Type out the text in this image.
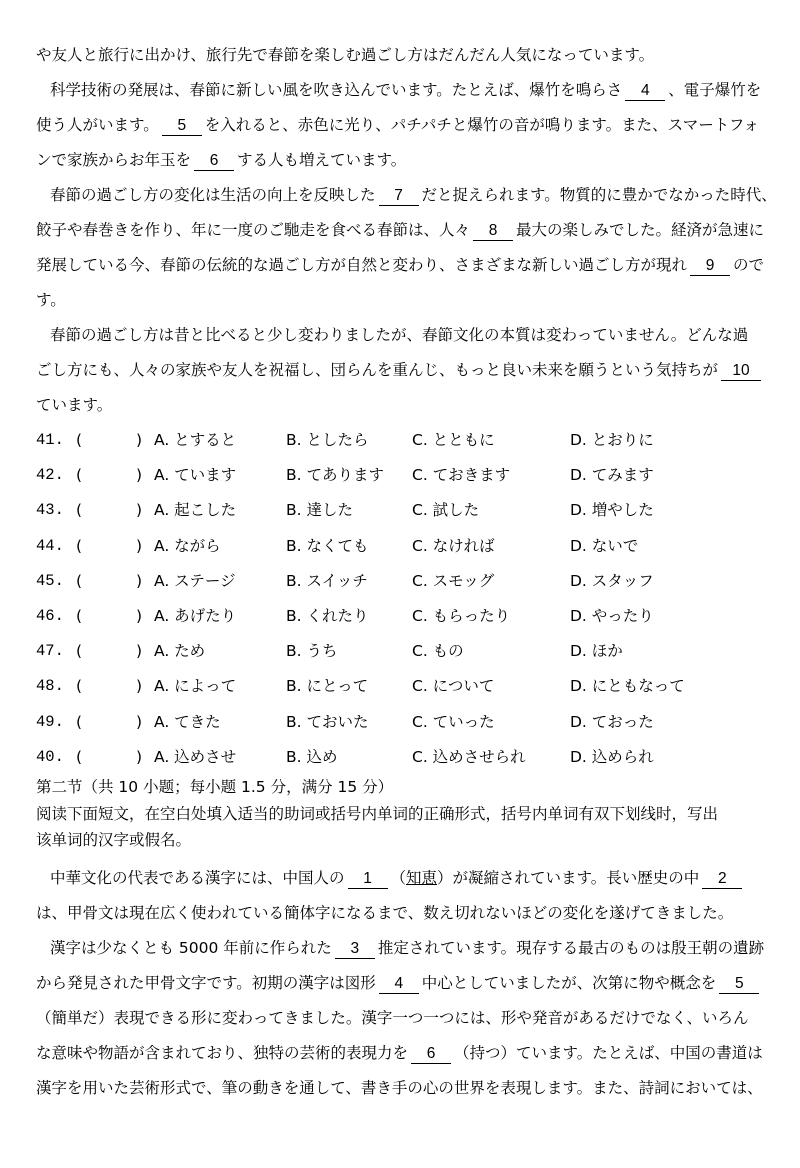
や友人と旅行に出かけ、旅行先で春節を楽しむ過ごし方はだんだん人気になっています。
科学技術の発展は、春節に新しい風を吹き込んでいます。たとえば、爆竹を鳴らさ 4 、電子爆竹を
使う人がいます。 5 を入れると、赤色に光り、パチパチと爆竹の音が鳴ります。また、スマートフォ
ンで家族からお年玉を 6 する人も増えています。
春節の過ごし方の変化は生活の向上を反映した 7 だと捉えられます。物質的に豊かでなかった時代、
餃子や春巻きを作り、年に一度のご馳走を食べる春節は、人々 8 最大の楽しみでした。経済が急速に
発展している今、春節の伝統的な過ごし方が自然と変わり、さまざまな新しい過ごし方が現れ 9 ので
す。
春節の過ごし方は昔と比べると少し変わりましたが、春節文化の本質は変わっていません。どんな過
ごし方にも、人々の家族や友人を祝福し、団らんを重んじ、もっと良い未来を願うという気持ちが 10
ています。
41. (	) A. とすると	B. としたら	C. とともに	D. とおりに
42. (	) A. ています	B. てあります C. ておきます	D. てみます
43. (	) A. 起こした	B. 達した	C. 試した	D. 増やした
44. (	) A. ながら	B. なくても	C. なければ	D. ないで
45. (	) A. ステージ	B. スイッチ	C. スモッグ	D. スタッフ
46. (	) A. あげたり	B. くれたり	C. もらったり	D. やったり
47. (	) A. ため	B. うち	C. もの	D. ほか
48. (	) A. によって	B. にとって	C. について	D. にともなって
49. (	) A. てきた	B. ておいた	C. ていった	D. ておった
40. (	) A. 込めさせ	B. 込め	C. 込めさせられ	D. 込められ
第二节（共 10 小题；每小题 1.5 分，满分 15 分）
阅读下面短文，在空白处填入适当的助词或括号内单词的正确形式，括号内单词有双下划线时，写出
该单词的汉字或假名。
中華文化の代表である漢字には、中国人の 1 （知恵）が凝縮されています。長い歴史の中 2
は、甲骨文は現在広く使われている簡体字になるまで、数え切れないほどの変化を遂げてきました。
漢字は少なくとも 5000 年前に作られた 3 推定されています。現存する最古のものは殷王朝の遺跡
から発見された甲骨文字です。初期の漢字は図形 4 中心としていましたが、次第に物や概念を 5
（簡単だ）表現できる形に変わってきました。漢字一つ一つには、形や発音があるだけでなく、いろん
な意味や物語が含まれており、独特の芸術的表現力を 6 （持つ）ています。たとえば、中国の書道は
漢字を用いた芸術形式で、筆の動きを通して、書き手の心の世界を表現します。また、詩詞においては、
